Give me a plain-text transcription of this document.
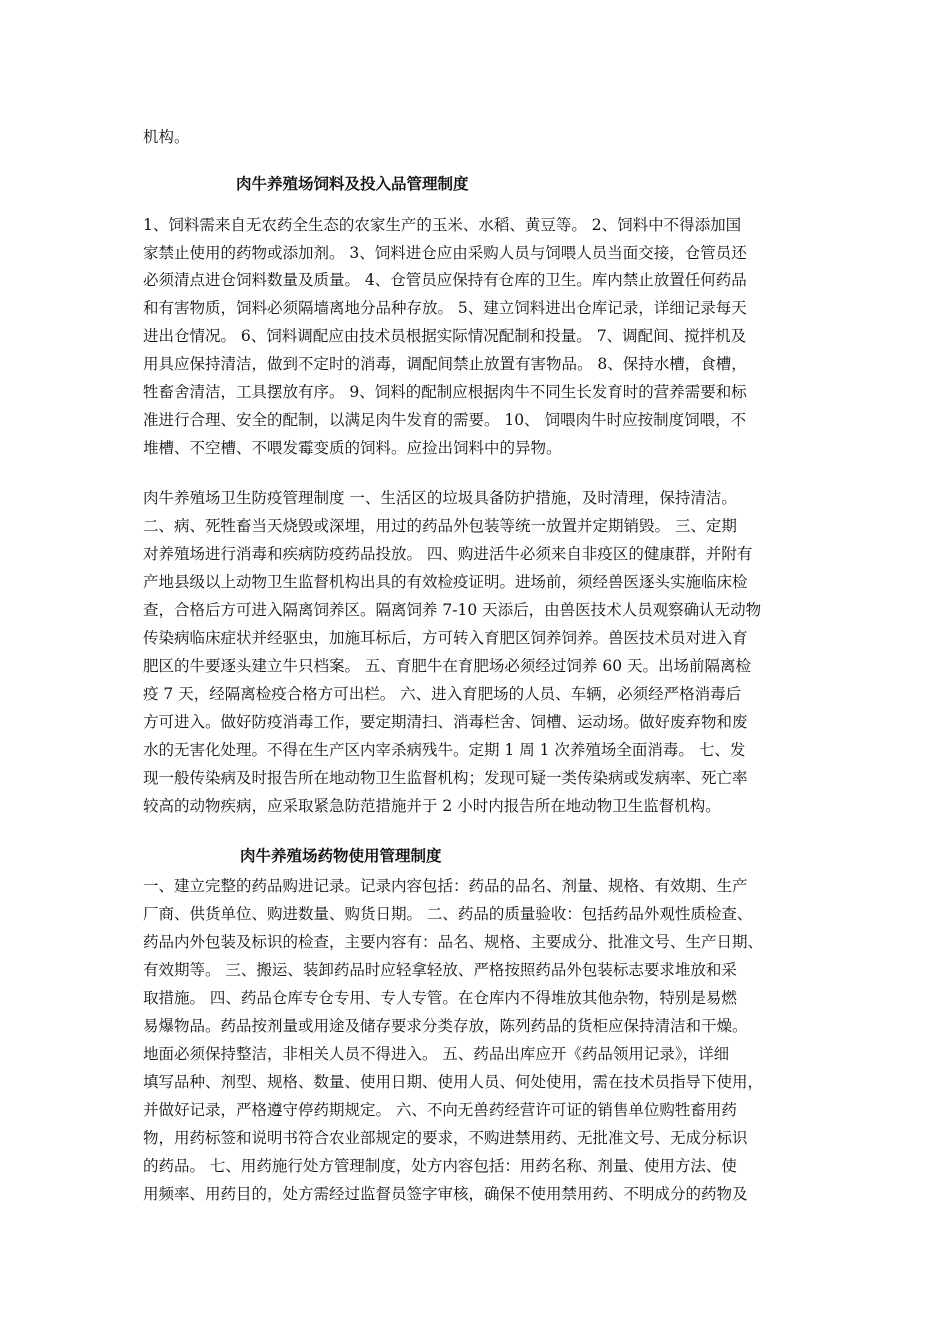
机构。
肉牛养殖场饲料及投入品管理制度
1、饲料需来自无农药全生态的农家生产的玉米、水稻、黄豆等。 2、饲料中不得添加国
家禁止使用的药物或添加剂。 3、饲料进仓应由采购人员与饲喂人员当面交接，仓管员还
必须清点进仓饲料数量及质量。 4、仓管员应保持有仓库的卫生。库内禁止放置任何药品
和有害物质，饲料必须隔墙离地分品种存放。 5、建立饲料进出仓库记录，详细记录每天
进出仓情况。 6、饲料调配应由技术员根据实际情况配制和投量。 7、调配间、搅拌机及
用具应保持清洁，做到不定时的消毒，调配间禁止放置有害物品。 8、保持水槽，食槽，
牲畜舍清洁，工具摆放有序。 9、饲料的配制应根据肉牛不同生长发育时的营养需要和标
准进行合理、安全的配制，以满足肉牛发育的需要。 10、 饲喂肉牛时应按制度饲喂，不
堆槽、不空槽、不喂发霉变质的饲料。应捡出饲料中的异物。
肉牛养殖场卫生防疫管理制度 一、生活区的垃圾具备防护措施，及时清理，保持清洁。
二、病、死牲畜当天烧毁或深埋，用过的药品外包装等统一放置并定期销毁。 三、定期
对养殖场进行消毒和疾病防疫药品投放。 四、购进活牛必须来自非疫区的健康群，并附有
产地县级以上动物卫生监督机构出具的有效检疫证明。进场前，须经兽医逐头实施临床检
查，合格后方可进入隔离饲养区。隔离饲养 7-10 天添后，由兽医技术人员观察确认无动物
传染病临床症状并经驱虫，加施耳标后，方可转入育肥区饲养饲养。兽医技术员对进入育
肥区的牛要逐头建立牛只档案。 五、育肥牛在育肥场必须经过饲养 60 天。出场前隔离检
疫 7 天，经隔离检疫合格方可出栏。 六、进入育肥场的人员、车辆，必须经严格消毒后
方可进入。做好防疫消毒工作，要定期清扫、消毒栏舍、饲槽、运动场。做好废弃物和废
水的无害化处理。不得在生产区内宰杀病残牛。定期 1 周 1 次养殖场全面消毒。 七、发
现一般传染病及时报告所在地动物卫生监督机构；发现可疑一类传染病或发病率、死亡率
较高的动物疾病，应采取紧急防范措施并于 2 小时内报告所在地动物卫生监督机构。
肉牛养殖场药物使用管理制度
一、建立完整的药品购进记录。记录内容包括：药品的品名、剂量、规格、有效期、生产
厂商、供货单位、购进数量、购货日期。 二、药品的质量验收：包括药品外观性质检查、
药品内外包装及标识的检查，主要内容有：品名、规格、主要成分、批准文号、生产日期、
有效期等。 三、搬运、装卸药品时应轻拿轻放、严格按照药品外包装标志要求堆放和采
取措施。 四、药品仓库专仓专用、专人专管。在仓库内不得堆放其他杂物，特别是易燃
易爆物品。药品按剂量或用途及储存要求分类存放，陈列药品的货柜应保持清洁和干燥。
地面必须保持整洁，非相关人员不得进入。 五、药品出库应开《药品领用记录》，详细
填写品种、剂型、规格、数量、使用日期、使用人员、何处使用，需在技术员指导下使用，
并做好记录，严格遵守停药期规定。 六、不向无兽药经营许可证的销售单位购牲畜用药
物，用药标签和说明书符合农业部规定的要求，不购进禁用药、无批准文号、无成分标识
的药品。 七、用药施行处方管理制度，处方内容包括：用药名称、剂量、使用方法、使
用频率、用药目的，处方需经过监督员签字审核，确保不使用禁用药、不明成分的药物及
